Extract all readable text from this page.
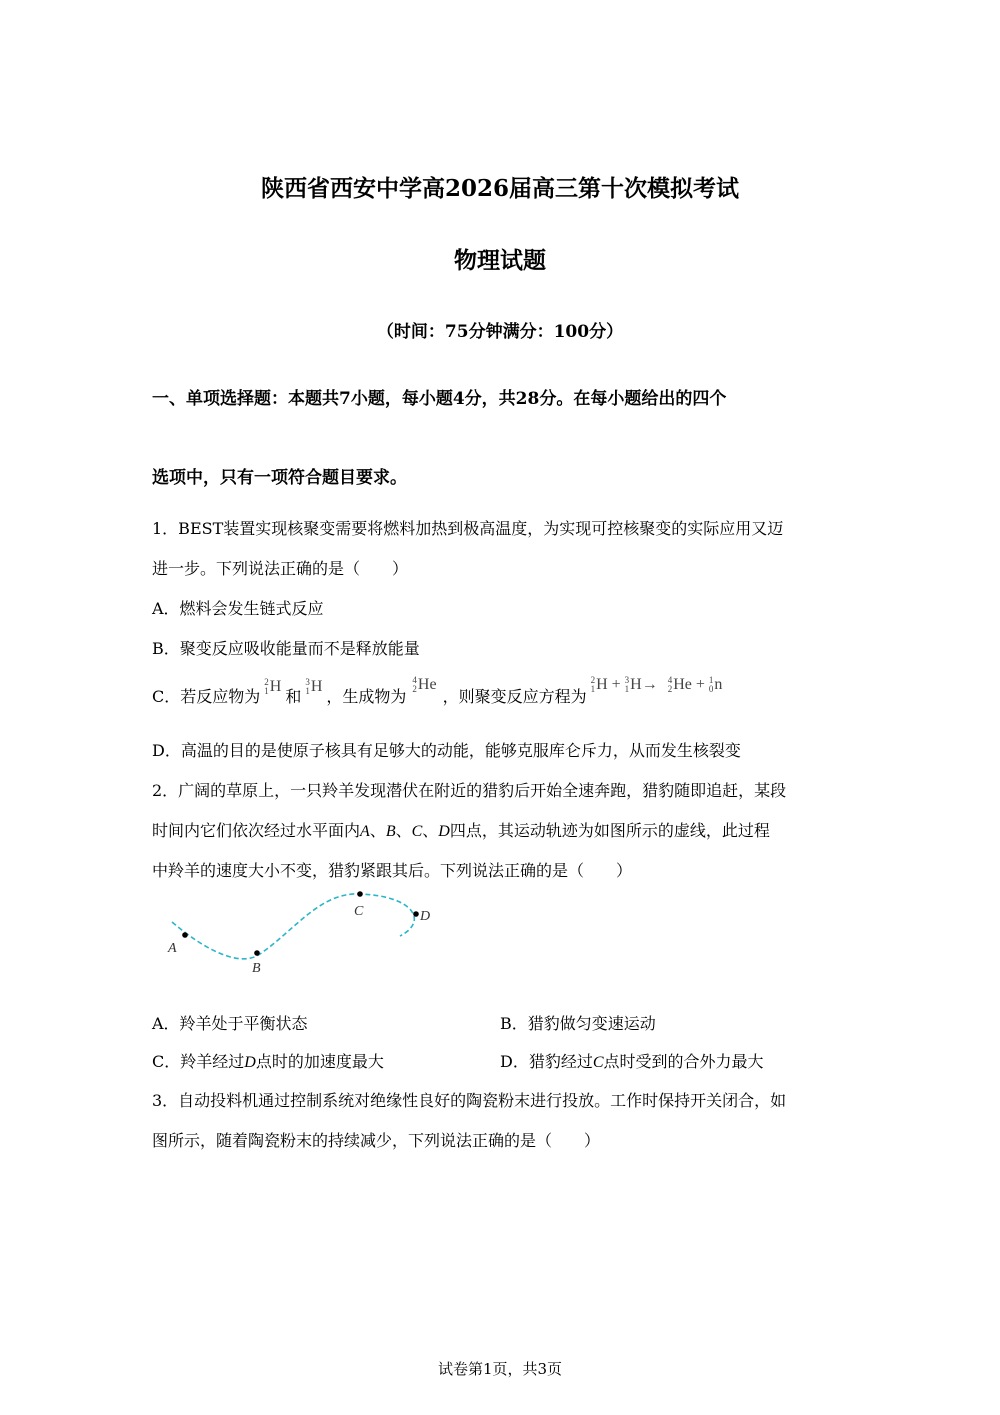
陕西省西安中学高2026届高三第十次模拟考试
物理试题
（时间：75分钟满分：100分）
一、单项选择题：本题共7小题，每小题4分，共28分。在每小题给出的四个
选项中，只有一项符合题目要求。
1．BEST装置实现核聚变需要将燃料加热到极高温度，为实现可控核聚变的实际应用又迈
进一步。下列说法正确的是（　　）
A．燃料会发生链式反应
B．聚变反应吸收能量而不是释放能量
C．若反应物为
2
1 H
和
3
1 H
，生成物为
4
2 He
，则聚变反应方程为
2
1 H + 3
1 H→ 4
2 He + 1
0 n
D．高温的目的是使原子核具有足够大的动能，能够克服库仑斥力，从而发生核裂变
2．广阔的草原上，一只羚羊发现潜伏在附近的猎豹后开始全速奔跑，猎豹随即追赶，某段
时间内它们依次经过水平面内A、B、C、D四点，其运动轨迹为如图所示的虚线，此过程
中羚羊的速度大小不变，猎豹紧跟其后。下列说法正确的是（　　）
A
B
C	D
A．羚羊处于平衡状态	B．猎豹做匀变速运动
C．羚羊经过D点时的加速度最大	D．猎豹经过C点时受到的合外力最大
3．自动投料机通过控制系统对绝缘性良好的陶瓷粉末进行投放。工作时保持开关闭合，如
图所示，随着陶瓷粉末的持续减少，下列说法正确的是（　　）
试卷第1页，共3页
